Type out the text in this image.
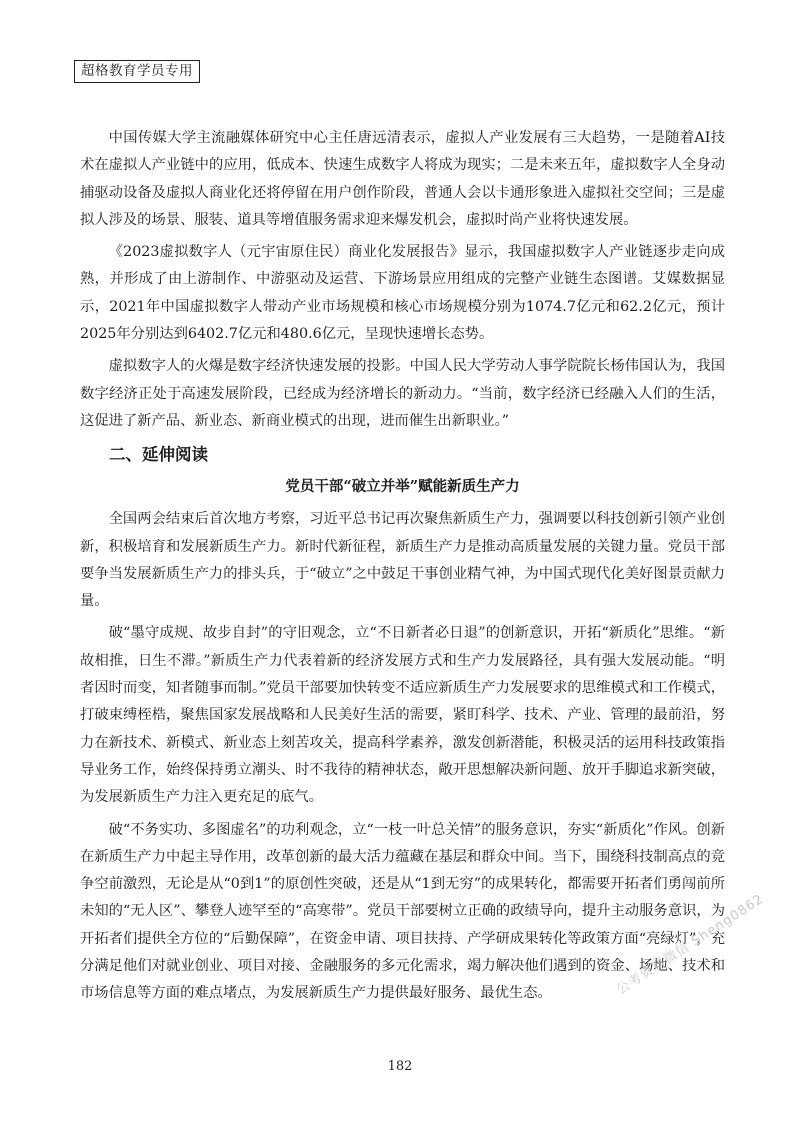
超格教育学员专用

中国传媒大学主流融媒体研究中心主任唐远清表示，虚拟人产业发展有三大趋势，一是随着AI技术在虚拟人产业链中的应用，低成本、快速生成数字人将成为现实；二是未来五年，虚拟数字人全身动捕驱动设备及虚拟人商业化还将停留在用户创作阶段，普通人会以卡通形象进入虚拟社交空间；三是虚拟人涉及的场景、服装、道具等增值服务需求迎来爆发机会，虚拟时尚产业将快速发展。

《2023虚拟数字人（元宇宙原住民）商业化发展报告》显示，我国虚拟数字人产业链逐步走向成熟，并形成了由上游制作、中游驱动及运营、下游场景应用组成的完整产业链生态图谱。艾媒数据显示，2021年中国虚拟数字人带动产业市场规模和核心市场规模分别为1074.7亿元和62.2亿元，预计2025年分别达到6402.7亿元和480.6亿元，呈现快速增长态势。

虚拟数字人的火爆是数字经济快速发展的投影。中国人民大学劳动人事学院院长杨伟国认为，我国数字经济正处于高速发展阶段，已经成为经济增长的新动力。“当前，数字经济已经融入人们的生活，这促进了新产品、新业态、新商业模式的出现，进而催生出新职业。”

二、延伸阅读
党员干部“破立并举”赋能新质生产力

全国两会结束后首次地方考察，习近平总书记再次聚焦新质生产力，强调要以科技创新引领产业创新，积极培育和发展新质生产力。新时代新征程，新质生产力是推动高质量发展的关键力量。党员干部要争当发展新质生产力的排头兵，于“破立”之中鼓足干事创业精气神，为中国式现代化美好图景贡献力量。

破“墨守成规、故步自封”的守旧观念，立“不日新者必日退”的创新意识，开拓“新质化”思维。“新故相推，日生不滞。”新质生产力代表着新的经济发展方式和生产力发展路径，具有强大发展动能。“明者因时而变，知者随事而制。”党员干部要加快转变不适应新质生产力发展要求的思维模式和工作模式，打破束缚桎梏，聚焦国家发展战略和人民美好生活的需要，紧盯科学、技术、产业、管理的最前沿，努力在新技术、新模式、新业态上刻苦攻关，提高科学素养，激发创新潜能，积极灵活的运用科技政策指导业务工作，始终保持勇立潮头、时不我待的精神状态，敞开思想解决新问题、放开手脚追求新突破，为发展新质生产力注入更充足的底气。

破“不务实功、多图虚名”的功利观念，立“一枝一叶总关情”的服务意识，夯实“新质化”作风。创新在新质生产力中起主导作用，改革创新的最大活力蕴藏在基层和群众中间。当下，围绕科技制高点的竞争空前激烈，无论是从“0到1”的原创性突破，还是从“1到无穷”的成果转化，都需要开拓者们勇闯前所未知的“无人区”、攀登人迹罕至的“高寒带”。党员干部要树立正确的政绩导向，提升主动服务意识，为开拓者们提供全方位的“后勤保障”，在资金申请、项目扶持、产学研成果转化等政策方面“亮绿灯”，充分满足他们对就业创业、项目对接、金融服务的多元化需求，竭力解决他们遇到的资金、场地、技术和市场信息等方面的难点堵点，为发展新质生产力提供最好服务、最优生态。	公考资料微信 Sheng0862
182
